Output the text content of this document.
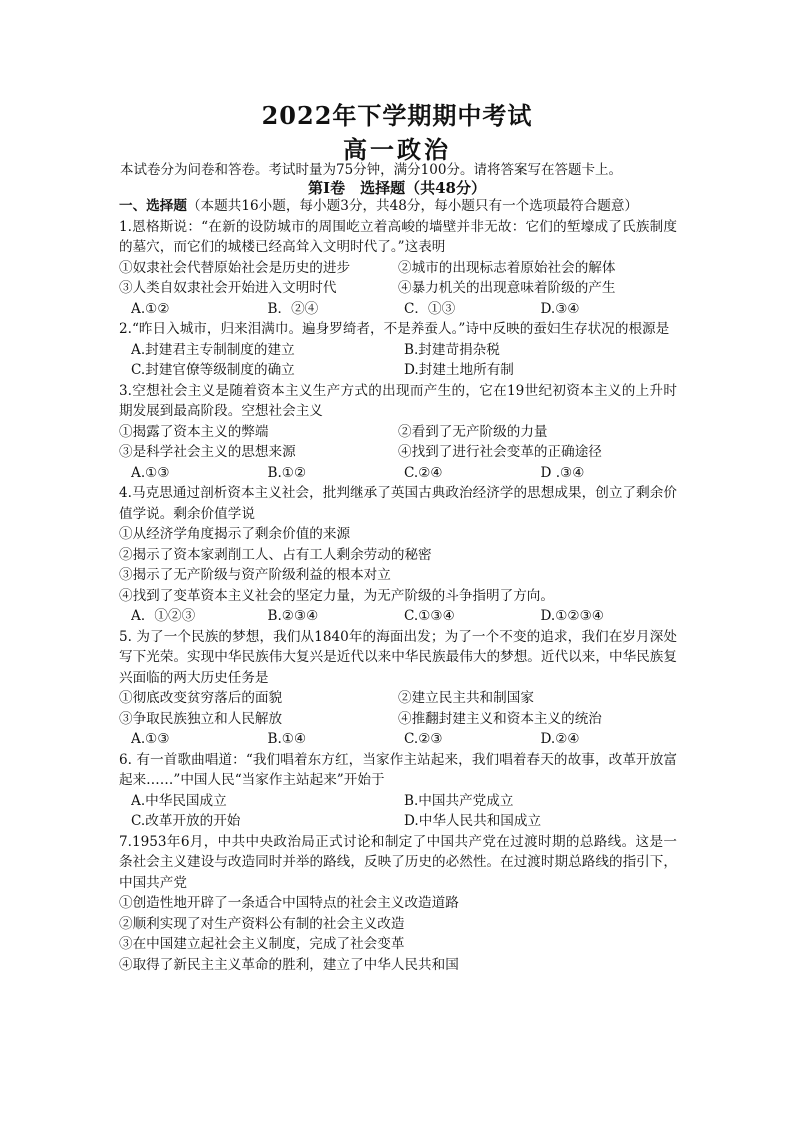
2022年下学期期中考试
高一政治
本试卷分为问卷和答卷。考试时量为75分钟，满分100分。请将答案写在答题卡上。
第Ⅰ卷　选择题（共48分）

一、选择题（本题共16小题，每小题3分，共48分，每小题只有一个选项最符合题意）

1.恩格斯说：“在新的设防城市的周围屹立着高峻的墙壁并非无故：它们的堑壕成了氏族制度的墓穴，而它们的城楼已经高耸入文明时代了。”这表明

①奴隶社会代替原始社会是历史的进步	②城市的出现标志着原始社会的解体
③人类自奴隶社会开始进入文明时代	④暴力机关的出现意味着阶级的产生
A.①②	B．②④	C．①③	D.③④

2.“昨日入城市，归来泪满巾。遍身罗绮者，不是养蚕人。”诗中反映的蚕妇生存状况的根源是

A.封建君主专制制度的建立	B.封建苛捐杂税
C.封建官僚等级制度的确立	D.封建土地所有制

3.空想社会主义是随着资本主义生产方式的出现而产生的，它在19世纪初资本主义的上升时期发展到最高阶段。空想社会主义

①揭露了资本主义的弊端	②看到了无产阶级的力量
③是科学社会主义的思想来源	④找到了进行社会变革的正确途径
A.①③	B.①②	C.②④	D .③④

4.马克思通过剖析资本主义社会，批判继承了英国古典政治经济学的思想成果，创立了剩余价值学说。剩余价值学说

①从经济学角度揭示了剩余价值的来源

②揭示了资本家剥削工人、占有工人剩余劳动的秘密

③揭示了无产阶级与资产阶级利益的根本对立

④找到了变革资本主义社会的坚定力量，为无产阶级的斗争指明了方向。

A．①②③	B.②③④	C.①③④	D.①②③④

5. 为了一个民族的梦想，我们从1840年的海面出发；为了一个不变的追求，我们在岁月深处写下光荣。实现中华民族伟大复兴是近代以来中华民族最伟大的梦想。近代以来，中华民族复兴面临的两大历史任务是

①彻底改变贫穷落后的面貌	②建立民主共和制国家
③争取民族独立和人民解放	④推翻封建主义和资本主义的统治
A.①③	B.①④	C.②③	D.②④

6. 有一首歌曲唱道：“我们唱着东方红，当家作主站起来，我们唱着春天的故事，改革开放富起来……”中国人民“当家作主站起来”开始于

A.中华民国成立	B.中国共产党成立
C.改革开放的开始	D.中华人民共和国成立

7.1953年6月，中共中央政治局正式讨论和制定了中国共产党在过渡时期的总路线。这是一条社会主义建设与改造同时并举的路线，反映了历史的必然性。在过渡时期总路线的指引下，中国共产党

①创造性地开辟了一条适合中国特点的社会主义改造道路

②顺利实现了对生产资料公有制的社会主义改造

③在中国建立起社会主义制度，完成了社会变革

④取得了新民主主义革命的胜利，建立了中华人民共和国
